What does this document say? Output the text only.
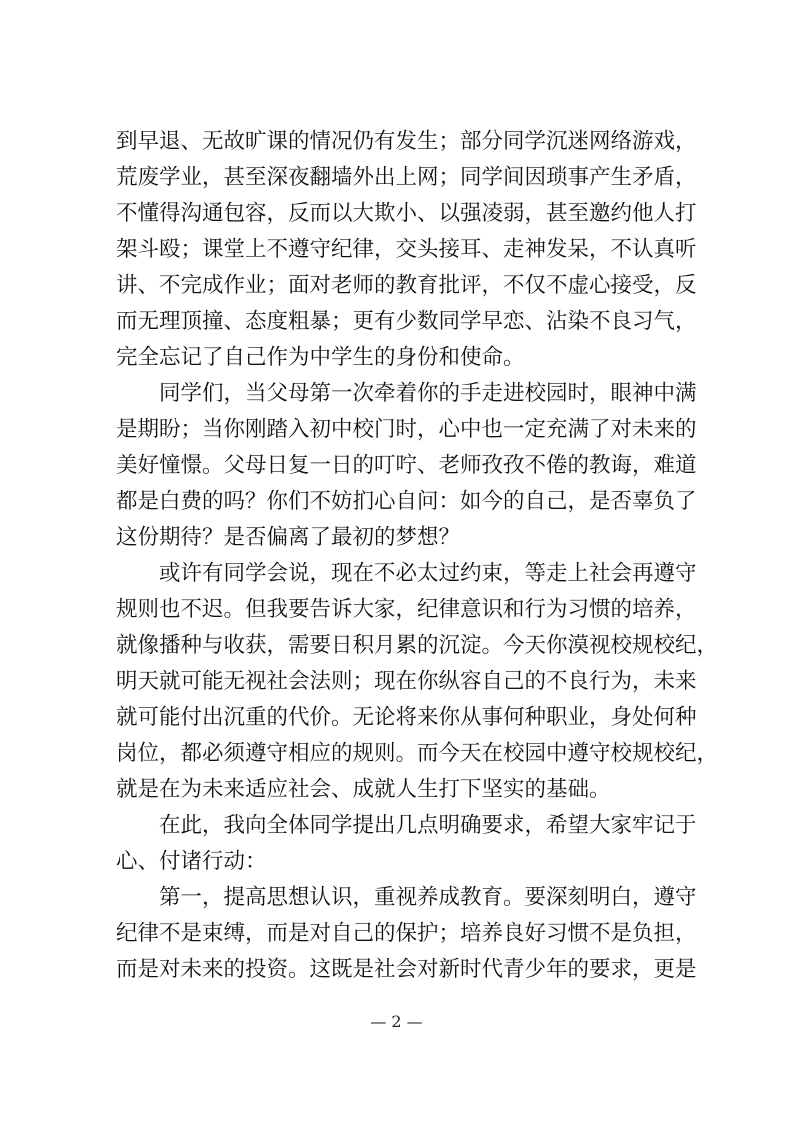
到早退、无故旷课的情况仍有发生；部分同学沉迷网络游戏，
荒废学业，甚至深夜翻墙外出上网；同学间因琐事产生矛盾，
不懂得沟通包容，反而以大欺小、以强凌弱，甚至邀约他人打
架斗殴；课堂上不遵守纪律，交头接耳、走神发呆，不认真听
讲、不完成作业；面对老师的教育批评，不仅不虚心接受，反
而无理顶撞、态度粗暴；更有少数同学早恋、沾染不良习气，
完全忘记了自己作为中学生的身份和使命。
同学们，当父母第一次牵着你的手走进校园时，眼神中满
是期盼；当你刚踏入初中校门时，心中也一定充满了对未来的
美好憧憬。父母日复一日的叮咛、老师孜孜不倦的教诲，难道
都是白费的吗？你们不妨扪心自问：如今的自己，是否辜负了
这份期待？是否偏离了最初的梦想？
或许有同学会说，现在不必太过约束，等走上社会再遵守
规则也不迟。但我要告诉大家，纪律意识和行为习惯的培养，
就像播种与收获，需要日积月累的沉淀。今天你漠视校规校纪，
明天就可能无视社会法则；现在你纵容自己的不良行为，未来
就可能付出沉重的代价。无论将来你从事何种职业，身处何种
岗位，都必须遵守相应的规则。而今天在校园中遵守校规校纪，
就是在为未来适应社会、成就人生打下坚实的基础。
在此，我向全体同学提出几点明确要求，希望大家牢记于
心、付诸行动：
第一，提高思想认识，重视养成教育。要深刻明白，遵守
纪律不是束缚，而是对自己的保护；培养良好习惯不是负担，
而是对未来的投资。这既是社会对新时代青少年的要求，更是
— 2 —
